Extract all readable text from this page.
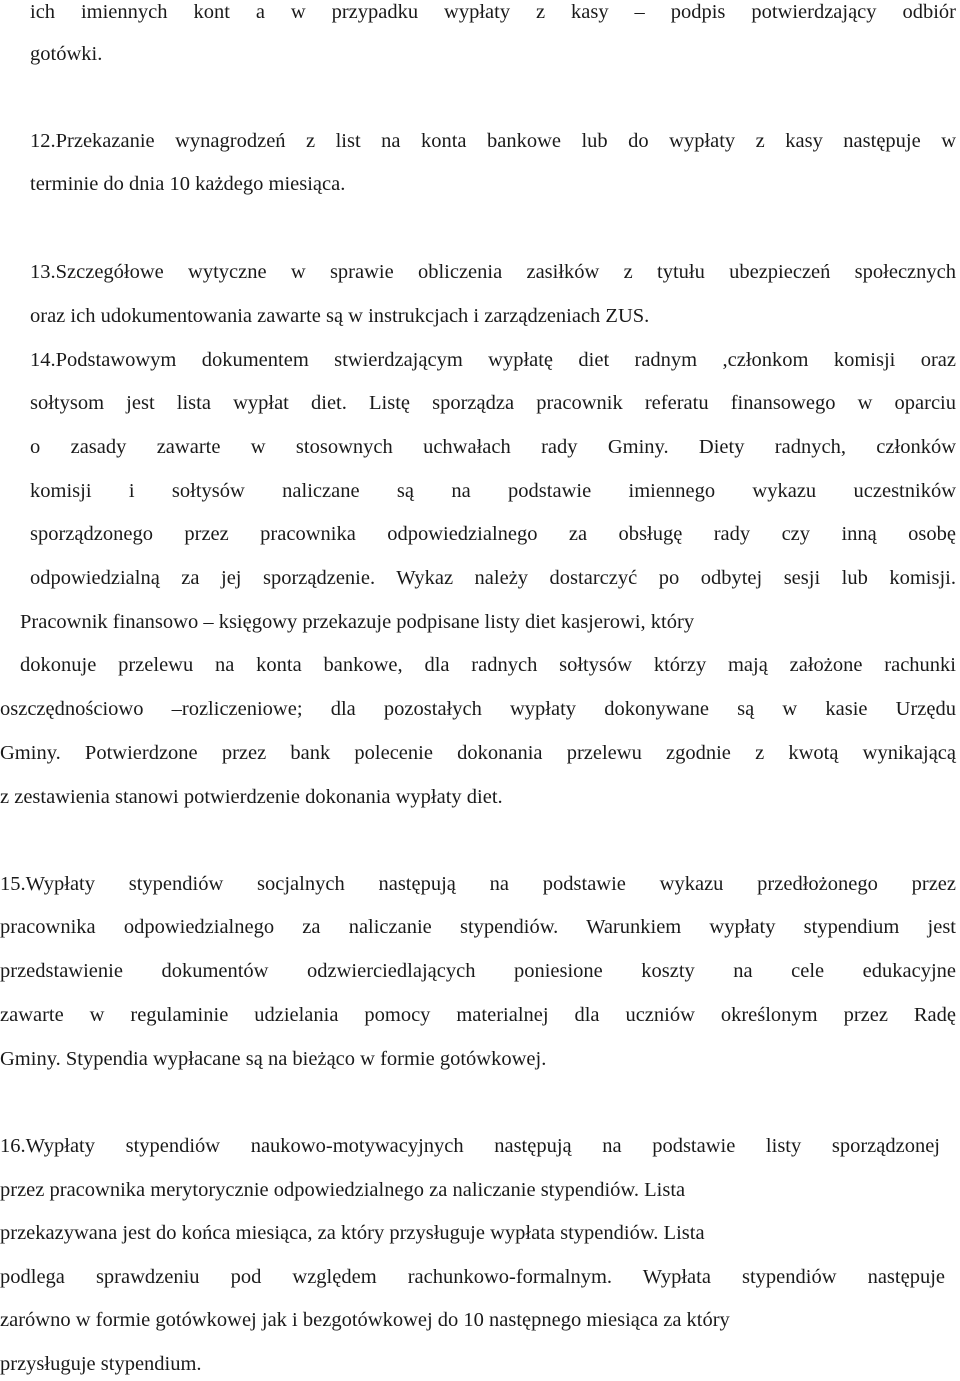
ich imiennych kont a w przypadku wypłaty z kasy – podpis potwierdzający odbiór
gotówki.
12.Przekazanie wynagrodzeń z list na konta bankowe lub do wypłaty z kasy następuje w
terminie do dnia 10 każdego miesiąca.
13.Szczegółowe wytyczne w sprawie obliczenia zasiłków z tytułu ubezpieczeń społecznych
oraz ich udokumentowania zawarte są w instrukcjach i zarządzeniach ZUS.
14.Podstawowym dokumentem stwierdzającym wypłatę diet radnym ,członkom komisji oraz
sołtysom jest lista wypłat diet. Listę sporządza pracownik referatu finansowego w oparciu
o zasady zawarte w stosownych uchwałach rady Gminy. Diety radnych, członków
komisji i sołtysów naliczane są na podstawie imiennego wykazu uczestników
sporządzonego przez pracownika odpowiedzialnego za obsługę rady czy inną osobę
odpowiedzialną za jej sporządzenie. Wykaz należy dostarczyć po odbytej sesji lub komisji.
Pracownik finansowo – księgowy przekazuje podpisane listy diet kasjerowi, który
dokonuje przelewu na konta bankowe, dla radnych sołtysów którzy mają założone rachunki
oszczędnościowo –rozliczeniowe; dla pozostałych wypłaty dokonywane są w kasie Urzędu
Gminy. Potwierdzone przez bank polecenie dokonania przelewu zgodnie z kwotą wynikającą
z zestawienia stanowi potwierdzenie dokonania wypłaty diet.
15.Wypłaty stypendiów socjalnych następują na podstawie wykazu przedłożonego przez
pracownika odpowiedzialnego za naliczanie stypendiów. Warunkiem wypłaty stypendium jest
przedstawienie dokumentów odzwierciedlających poniesione koszty na cele edukacyjne
zawarte w regulaminie udzielania pomocy materialnej dla uczniów określonym przez Radę
Gminy. Stypendia wypłacane są na bieżąco w formie gotówkowej.
16.Wypłaty stypendiów naukowo-motywacyjnych następują na podstawie listy sporządzonej
przez pracownika merytorycznie odpowiedzialnego za naliczanie stypendiów. Lista
przekazywana jest do końca miesiąca, za który przysługuje wypłata stypendiów. Lista
podlega sprawdzeniu pod względem rachunkowo-formalnym. Wypłata stypendiów następuje
zarówno w formie gotówkowej jak i bezgotówkowej do 10 następnego miesiąca za który
przysługuje stypendium.
